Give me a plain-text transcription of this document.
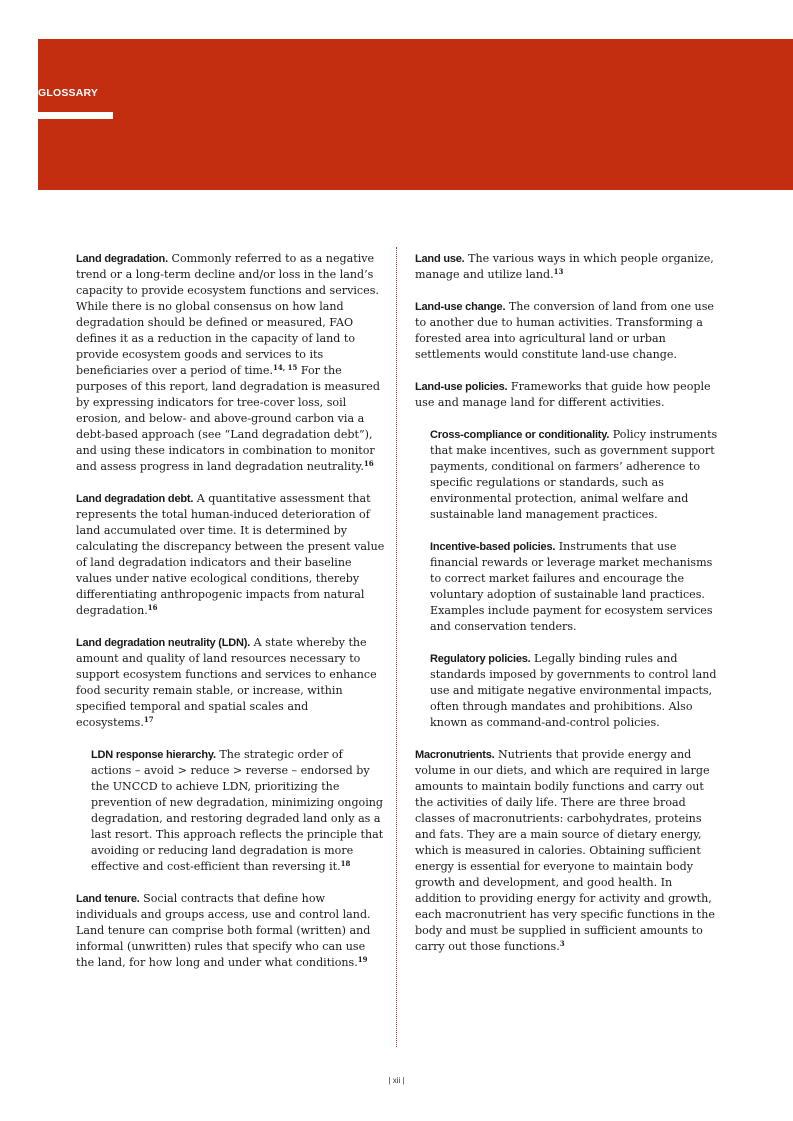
GLOSSARY

Land degradation. Commonly referred to as a negative trend or a long-term decline and/or loss in the land’s capacity to provide ecosystem functions and services. While there is no global consensus on how land degradation should be defined or measured, FAO defines it as a reduction in the capacity of land to provide ecosystem goods and services to its beneficiaries over a period of time.$^{14, 15}$ For the purposes of this report, land degradation is measured by expressing indicators for tree-cover loss, soil erosion, and below- and above-ground carbon via a debt-based approach (see “Land degradation debt”), and using these indicators in combination to monitor and assess progress in land degradation neutrality.$^{16}$

Land degradation debt. A quantitative assessment that represents the total human-induced deterioration of land accumulated over time. It is determined by calculating the discrepancy between the present value of land degradation indicators and their baseline values under native ecological conditions, thereby differentiating anthropogenic impacts from natural degradation.$^{16}$

Land degradation neutrality (LDN). A state whereby the amount and quality of land resources necessary to support ecosystem functions and services to enhance food security remain stable, or increase, within specified temporal and spatial scales and ecosystems.$^{17}$

LDN response hierarchy. The strategic order of actions – avoid > reduce > reverse – endorsed by the UNCCD to achieve LDN, prioritizing the prevention of new degradation, minimizing ongoing degradation, and restoring degraded land only as a last resort. This approach reflects the principle that avoiding or reducing land degradation is more effective and cost-efficient than reversing it.$^{18}$

Land tenure. Social contracts that define how individuals and groups access, use and control land. Land tenure can comprise both formal (written) and informal (unwritten) rules that specify who can use the land, for how long and under what conditions.$^{19}$

Land use. The various ways in which people organize, manage and utilize land.$^{13}$

Land-use change. The conversion of land from one use to another due to human activities. Transforming a forested area into agricultural land or urban settlements would constitute land-use change.

Land-use policies. Frameworks that guide how people use and manage land for different activities.

Cross-compliance or conditionality. Policy instruments that make incentives, such as government support payments, conditional on farmers’ adherence to specific regulations or standards, such as environmental protection, animal welfare and sustainable land management practices.

Incentive-based policies. Instruments that use financial rewards or leverage market mechanisms to correct market failures and encourage the voluntary adoption of sustainable land practices. Examples include payment for ecosystem services and conservation tenders.

Regulatory policies. Legally binding rules and standards imposed by governments to control land use and mitigate negative environmental impacts, often through mandates and prohibitions. Also known as command-and-control policies.

Macronutrients. Nutrients that provide energy and volume in our diets, and which are required in large amounts to maintain bodily functions and carry out the activities of daily life. There are three broad classes of macronutrients: carbohydrates, proteins and fats. They are a main source of dietary energy, which is measured in calories. Obtaining sufficient energy is essential for everyone to maintain body growth and development, and good health. In addition to providing energy for activity and growth, each macronutrient has very specific functions in the body and must be supplied in sufficient amounts to carry out those functions.$^3$

| xii |
